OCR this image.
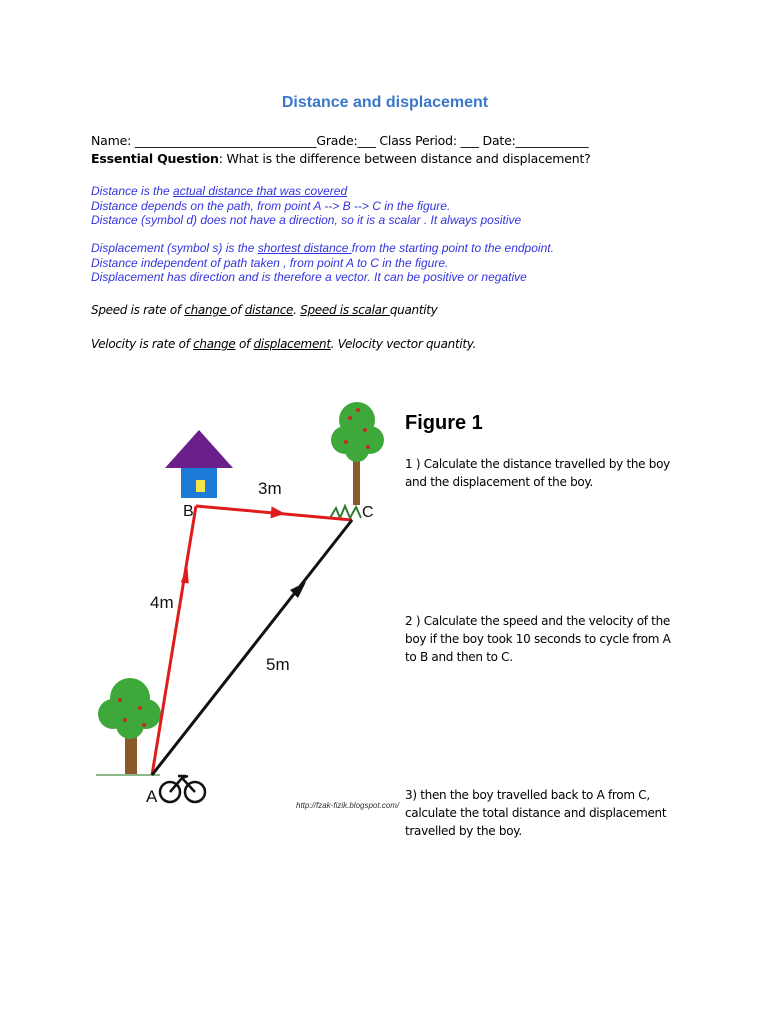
Distance and displacement
Name: ______________________________Grade:___ Class Period: ___ Date:____________
Essential Question: What is the difference between distance and displacement?
Distance is the actual distance that was covered
Distance depends on the path, from point A --> B --> C in the figure.
Distance (symbol d) does not have a direction, so it is a scalar . It always positive
Displacement (symbol s) is the shortest distance from the starting point to the endpoint.
Distance independent of path taken , from point A to C in the figure.
Displacement has direction and is therefore a vector. It can be positive or negative
Speed is rate of change of distance. Speed is scalar quantity
Velocity is rate of change of displacement. Velocity vector quantity.
A
B	C
4m
3m
5m
http://fzak-fizik.blogspot.com/
Figure 1
1 ) Calculate the distance travelled by the boy and the displacement of the boy.
2 ) Calculate the speed and the velocity of the boy if the boy took 10 seconds to cycle from A to B and then to C.
3) then the boy travelled back to A from C, calculate the total distance and displacement travelled by the boy.
